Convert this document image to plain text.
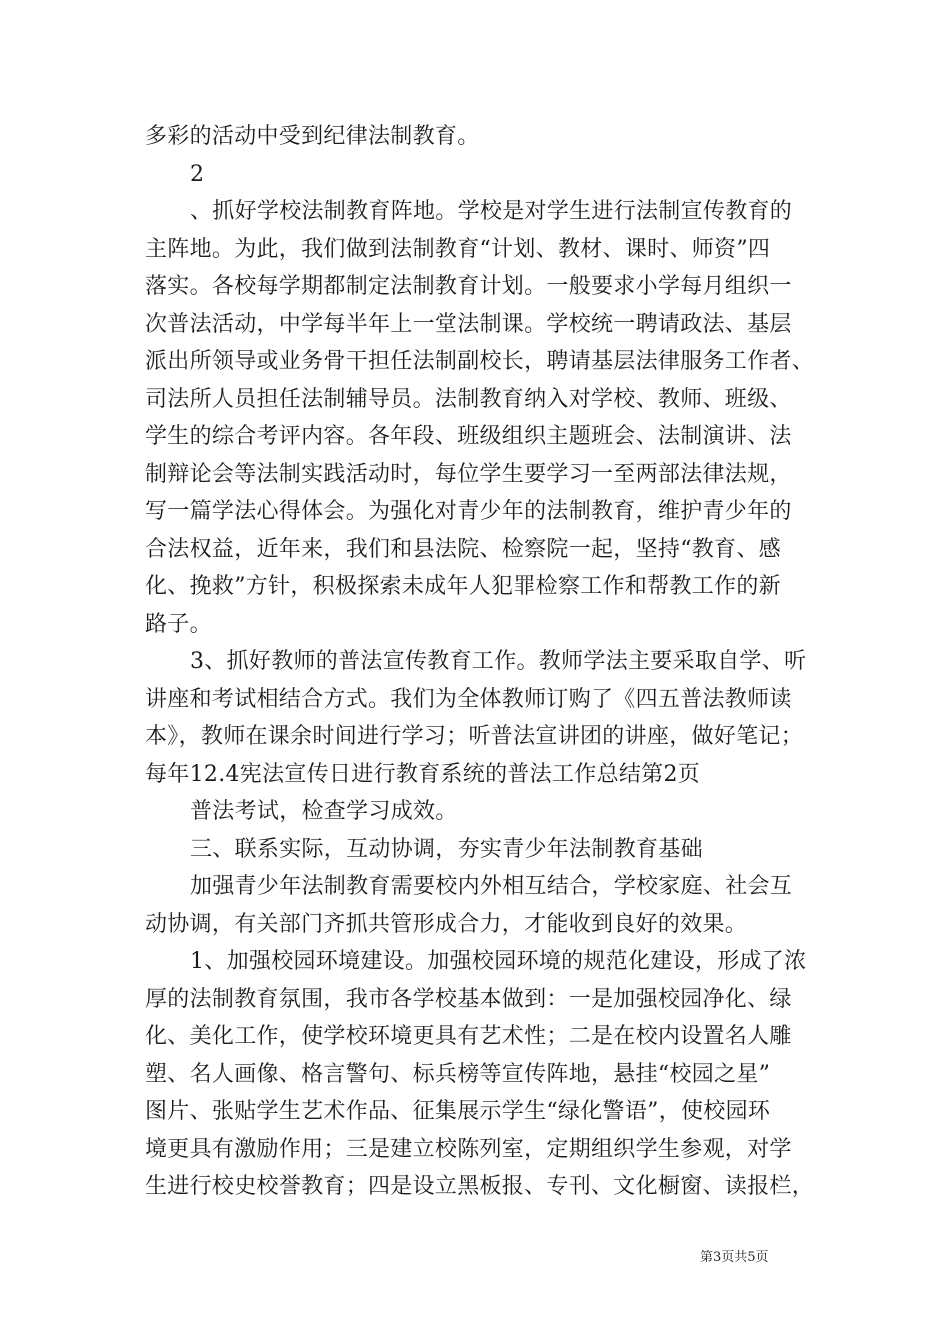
多彩的活动中受到纪律法制教育。
2
、抓好学校法制教育阵地。学校是对学生进行法制宣传教育的
主阵地。为此，我们做到法制教育“计划、教材、课时、师资”四
落实。各校每学期都制定法制教育计划。一般要求小学每月组织一
次普法活动，中学每半年上一堂法制课。学校统一聘请政法、基层
派出所领导或业务骨干担任法制副校长，聘请基层法律服务工作者、
司法所人员担任法制辅导员。法制教育纳入对学校、教师、班级、
学生的综合考评内容。各年段、班级组织主题班会、法制演讲、法
制辩论会等法制实践活动时，每位学生要学习一至两部法律法规，
写一篇学法心得体会。为强化对青少年的法制教育，维护青少年的
合法权益，近年来，我们和县法院、检察院一起，坚持“教育、感
化、挽救”方针，积极探索未成年人犯罪检察工作和帮教工作的新
路子。
3、抓好教师的普法宣传教育工作。教师学法主要采取自学、听
讲座和考试相结合方式。我们为全体教师订购了《四五普法教师读
本》，教师在课余时间进行学习；听普法宣讲团的讲座，做好笔记；
每年12.4宪法宣传日进行教育系统的普法工作总结第2页
普法考试，检查学习成效。
三、联系实际，互动协调，夯实青少年法制教育基础
加强青少年法制教育需要校内外相互结合，学校家庭、社会互
动协调，有关部门齐抓共管形成合力，才能收到良好的效果。
1、加强校园环境建设。加强校园环境的规范化建设，形成了浓
厚的法制教育氛围，我市各学校基本做到：一是加强校园净化、绿
化、美化工作，使学校环境更具有艺术性；二是在校内设置名人雕
塑、名人画像、格言警句、标兵榜等宣传阵地，悬挂“校园之星”
图片、张贴学生艺术作品、征集展示学生“绿化警语”，使校园环
境更具有激励作用；三是建立校陈列室，定期组织学生参观，对学
生进行校史校誉教育；四是设立黑板报、专刊、文化橱窗、读报栏，
第3页共5页
